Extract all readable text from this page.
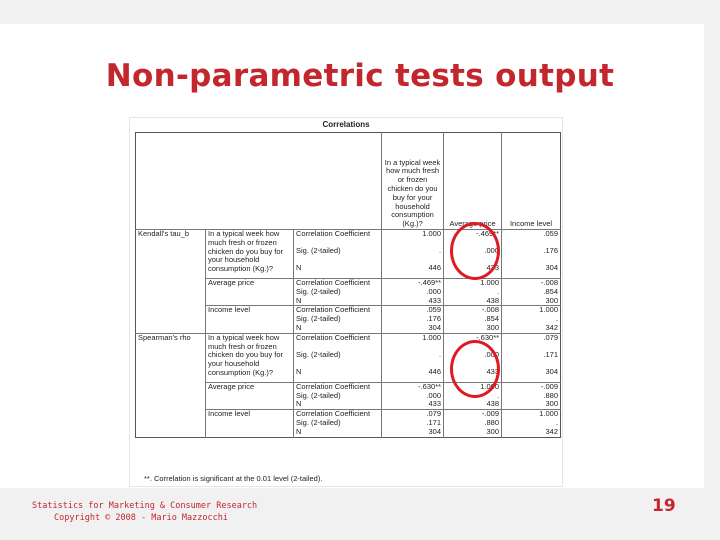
Non-parametric tests output
Correlations
			In a typical week how much fresh or frozen chicken do you buy for your household consumption (Kg.)?	Average price	Income level
Kendall's tau_b	In a typical week how much fresh or frozen chicken do you buy for your household consumption (Kg.)?	Correlation Coefficient	1.000	-.469**	.059
		Sig. (2-tailed)	.	.000	.176
		N	446	433	304
	Average price	Correlation Coefficient	-.469**	1.000	-.008
		Sig. (2-tailed)	.000	.	.854
		N	433	438	300
	Income level	Correlation Coefficient	.059	-.008	1.000
		Sig. (2-tailed)	.176	.854	.
		N	304	300	342
Spearman's rho	In a typical week how much fresh or frozen chicken do you buy for your household consumption (Kg.)?	Correlation Coefficient	1.000	-.630**	.079
		Sig. (2-tailed)	.	.000	.171
		N	446	433	304
	Average price	Correlation Coefficient	-.630**	1.000	-.009
		Sig. (2-tailed)	.000	.	.880
		N	433	438	300
	Income level	Correlation Coefficient	.079	-.009	1.000
		Sig. (2-tailed)	.171	.880	.
		N	304	300	342
**. Correlation is significant at the 0.01 level (2-tailed).
Statistics for Marketing & Consumer Research
Copyright © 2008 - Mario Mazzocchi
19
